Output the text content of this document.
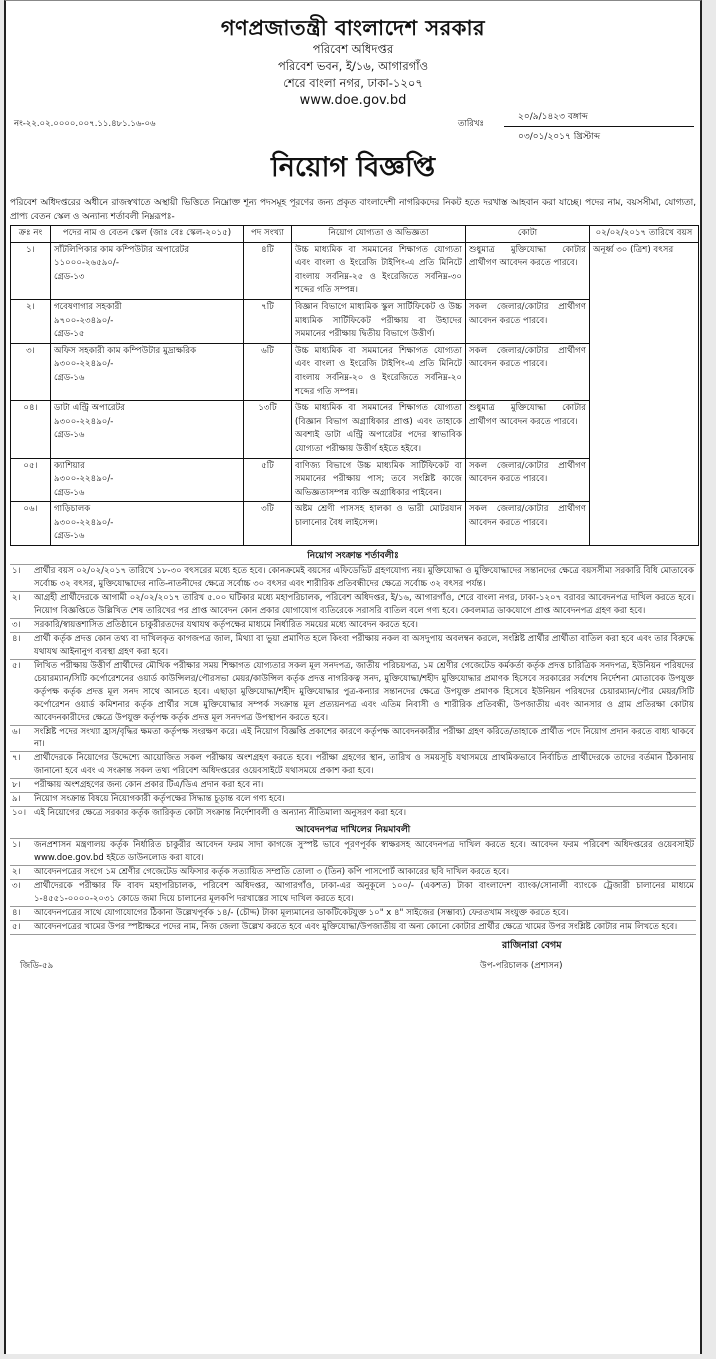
গণপ্রজাতন্ত্রী বাংলাদেশ সরকার
পরিবেশ অধিদপ্তর
পরিবেশ ভবন, ই/১৬, আগারগাঁও
শেরে বাংলা নগর, ঢাকা-১২০৭
www.doe.gov.bd
নং-২২.০২.০০০০.০০৭.১১.৪৮১.১৬-০৬	তারিখঃ
২০/৯/১৪২৩ বঙ্গাব্দ
০৩/০১/২০১৭ খ্রিস্টাব্দ
নিয়োগ বিজ্ঞপ্তি
পরিবেশ অধিদপ্তরের অধীনে রাজস্বখাতে অস্থায়ী ভিত্তিতে নিম্নোক্ত শূন্য পদসমূহ পূরণের জন্য প্রকৃত বাংলাদেশী নাগরিকদের নিকট হতে দরখাস্ত আহবান করা যাচ্ছে। পদের নাম, বয়সসীমা, যোগ্যতা, প্রাপ্য বেতন স্কেল ও অন্যান্য শর্তাবলী নিম্নরূপঃ-
ক্রঃ নং	পদের নাম ও বেতন স্কেল (জাঃ বেঃ স্কেল-২০১৫)	পদ সংখ্যা	নিয়োগ যোগ্যতা ও অভিজ্ঞতা	কোটা	০২/০২/২০১৭ তারিখে বয়স
১।	সাঁটলিপিকার কাম কম্পিউটার অপারেটর
১১০০০-২৬৫৯০/-
গ্রেড-১৩	৪টি	উচ্চ মাধ্যমিক বা সমমানের শিক্ষাগত যোগ্যতা এবং বাংলা ও ইংরেজি টাইপিং-এ প্রতি মিনিটে বাংলায় সর্বনিম্ন-২৫ ও ইংরেজিতে সর্বনিম্ন-৩০ শব্দের গতি সম্পন্ন।	শুধুমাত্র মুক্তিযোদ্ধা কোটার প্রার্থীগণ আবেদন করতে পারবে।	অনূর্ধ্ব ৩০ (ত্রিশ) বৎসর
২।	গবেষণাগার সহকারী
৯৭০০-২৩৪৯০/-
গ্রেড-১৫	৭টি	বিজ্ঞান বিভাগে মাধ্যমিক স্কুল সার্টিফিকেট ও উচ্চ মাধ্যমিক সার্টিফিকেট পরীক্ষায় বা উহাদের সমমানের পরীক্ষায় দ্বিতীয় বিভাগে উত্তীর্ণ।	সকল জেলার/কোটার প্রার্থীগণ আবেদন করতে পারবে।	
৩।	অফিস সহকারী কাম কম্পিউটার মুদ্রাক্ষরিক
৯৩০০-২২৪৯০/-
গ্রেড-১৬	৬টি	উচ্চ মাধ্যমিক বা সমমানের শিক্ষাগত যোগ্যতা এবং বাংলা ও ইংরেজি টাইপিং-এ প্রতি মিনিটে বাংলায় সর্বনিম্ন-২০ ও ইংরেজিতে সর্বনিম্ন-২০ শব্দের গতি সম্পন্ন।	সকল জেলার/কোটার প্রার্থীগণ আবেদন করতে পারবে।	
০৪।	ডাটা এন্ট্রি অপারেটর
৯৩০০-২২৪৯০/-
গ্রেড-১৬	১৩টি	উচ্চ মাধ্যমিক বা সমমানের শিক্ষাগত যোগ্যতা (বিজ্ঞান বিভাগ অগ্রাধিকার প্রাপ্ত) এবং তাহাকে অবশ্যই ডাটা এন্ট্রি অপারেটর পদের স্বাভাবিক যোগ্যতা পরীক্ষায় উত্তীর্ণ হইতে হইবে।	শুধুমাত্র মুক্তিযোদ্ধা কোটার প্রার্থীগণ আবেদন করতে পারবে।	
০৫।	ক্যাশিয়ার
৯৩০০-২২৪৯০/-
গ্রেড-১৬	৫টি	বাণিজ্য বিভাগে উচ্চ মাধ্যমিক সার্টিফিকেট বা সমমানের পরীক্ষায় পাস; তবে সংশ্লিষ্ট কাজে অভিজ্ঞতাসম্পন্ন ব্যক্তি অগ্রাধিকার পাইবেন।	সকল জেলার/কোটার প্রার্থীগণ আবেদন করতে পারবে।	
০৬।	গাড়িচালক
৯৩০০-২২৪৯০/-
গ্রেড-১৬	৩টি	অষ্টম শ্রেণী পাসসহ হালকা ও ভারী মোটরযান চালানোর বৈধ লাইসেন্স।	সকল জেলার/কোটার প্রার্থীগণ আবেদন করতে পারবে।	
নিয়োগ সংক্রান্ত শর্তাবলীঃ
১।	প্রার্থীর বয়স ০২/০২/২০১৭ তারিখে ১৮-৩০ বৎসরের মধ্যে হতে হবে। কোনক্রমেই বয়সের এফিডেভিট গ্রহণযোগ্য নয়। মুক্তিযোদ্ধা ও মুক্তিযোদ্ধাদের সন্তানদের ক্ষেত্রে বয়সসীমা সরকারি বিধি মোতাবেক সর্বোচ্চ ৩২ বৎসর, মুক্তিযোদ্ধাদের নাতি-নাতনীদের ক্ষেত্রে সর্বোচ্চ ৩০ বৎসর এবং শারীরিক প্রতিবন্ধীদের ক্ষেত্রে সর্বোচ্চ ৩২ বৎসর পর্যন্ত।
২।	আগ্রহী প্রার্থীদেরকে আগামী ০২/০২/২০১৭ তারিখ ৫.০০ ঘটিকার মধ্যে মহাপরিচালক, পরিবেশ অধিদপ্তর, ই/১৬, আগারগাঁও, শেরে বাংলা নগর, ঢাকা-১২০৭ বরাবর আবেদনপত্র দাখিল করতে হবে। নিয়োগ বিজ্ঞপ্তিতে উল্লিখিত শেষ তারিখের পর প্রাপ্ত আবেদন কোন প্রকার যোগাযোগ ব্যতিরেকে সরাসরি বাতিল বলে গণ্য হবে। কেবলমাত্র ডাকযোগে প্রাপ্ত আবেদনপত্র গ্রহণ করা হবে।
৩।	সরকারি/স্বায়ত্তশাসিত প্রতিষ্ঠানে চাকুরীরতদের যথাযথ কর্তৃপক্ষের মাধ্যমে নির্ধারিত সময়ের মধ্যে আবেদন করতে হবে।
৪।	প্রার্থী কর্তৃক প্রদত্ত কোন তথ্য বা দাখিলকৃত কাগজপত্র জাল, মিথ্যা বা ভুয়া প্রমাণিত হলে কিংবা পরীক্ষায় নকল বা অসদুপায় অবলম্বন করলে, সংশ্লিষ্ট প্রার্থীর প্রার্থীতা বাতিল করা হবে এবং তার বিরুদ্ধে যথাযথ আইনানুগ ব্যবস্থা গ্রহণ করা হবে।
৫।	লিখিত পরীক্ষায় উত্তীর্ণ প্রার্থীদের মৌখিক পরীক্ষার সময় শিক্ষাগত যোগ্যতার সকল মূল সনদপত্র, জাতীয় পরিচয়পত্র, ১ম শ্রেণীর গেজেটেড কর্মকর্তা কর্তৃক প্রদত্ত চারিত্রিক সনদপত্র, ইউনিয়ন পরিষদের চেয়ারম্যান/সিটি কর্পোরেশনের ওয়ার্ড কাউন্সিলর/পৌরসভা মেয়র/কাউন্সিল কর্তৃক প্রদত্ত নাগরিকত্ব সনদ, মুক্তিযোদ্ধা/শহীদ মুক্তিযোদ্ধার প্রমাণক হিসেবে সরকারের সর্বশেষ নির্দেশনা মোতাবেক উপযুক্ত কর্তৃপক্ষ কর্তৃক প্রদত্ত মূল সনদ সাথে আনতে হবে। এছাড়া মুক্তিযোদ্ধা/শহীদ মুক্তিযোদ্ধার পুত্র-কন্যার সন্তানদের ক্ষেত্রে উপযুক্ত প্রমাণক হিসেবে ইউনিয়ন পরিষদের চেয়ারম্যান/পৌর মেয়র/সিটি কর্পোরেশন ওয়ার্ড কমিশনার কর্তৃক প্রার্থীর সঙ্গে মুক্তিযোদ্ধার সম্পর্ক সংক্রান্ত মূল প্রত্যয়নপত্র এবং এতিম নিবাসী ও শারীরিক প্রতিবন্ধী, উপজাতীয় এবং আনসার ও গ্রাম প্রতিরক্ষা কোটায় আবেদনকারীদের ক্ষেত্রে উপযুক্ত কর্তৃপক্ষ কর্তৃক প্রদত্ত মূল সনদপত্র উপস্থাপন করতে হবে।
৬।	সংশ্লিষ্ট পদের সংখ্যা হ্রাস/বৃদ্ধির ক্ষমতা কর্তৃপক্ষ সংরক্ষণ করে। এই নিয়োগ বিজ্ঞপ্তি প্রকাশের কারণে কর্তৃপক্ষ আবেদনকারীর পরীক্ষা গ্রহণ করিতে/তাহাকে প্রার্থীত পদে নিয়োগ প্রদান করতে বাধ্য থাকবে না।
৭।	প্রার্থীদেরকে নিয়োগের উদ্দেশ্যে আয়োজিত সকল পরীক্ষায় অংশগ্রহণ করতে হবে। পরীক্ষা গ্রহণের স্থান, তারিখ ও সময়সূচি যথাসময়ে প্রাথমিকভাবে নির্বাচিত প্রার্থীদেরকে তাদের বর্তমান ঠিকানায় জানানো হবে এবং এ সংক্রান্ত সকল তথ্য পরিবেশ অধিদপ্তরের ওয়েবসাইটে যথাসময়ে প্রকাশ করা হবে।
৮।	পরীক্ষায় অংশগ্রহণের জন্য কোন প্রকার টিএ/ডিএ প্রদান করা হবে না।
৯।	নিয়োগ সংক্রান্ত বিষয়ে নিয়োগকারী কর্তৃপক্ষের সিদ্ধান্ত চূড়ান্ত বলে গণ্য হবে।
১০। এই নিয়োগের ক্ষেত্রে সরকার কর্তৃক জারিকৃত কোটা সংক্রান্ত নির্দেশাবলী ও অন্যান্য নীতিমালা অনুসরণ করা হবে।
আবেদনপত্র দাখিলের নিয়মাবলী
১।	জনপ্রশাসন মন্ত্রণালয় কর্তৃক নির্ধারিত চাকুরীর আবেদন ফরম সাদা কাগজে সুস্পষ্ট ভাবে পূরণপূর্বক স্বাক্ষরসহ আবেদনপত্র দাখিল করতে হবে। আবেদন ফরম পরিবেশ অধিদপ্তরের ওয়েবসাইট www.doe.gov.bd হইতে ডাউনলোড করা যাবে।
২।	আবেদনপত্রের সংগে ১ম শ্রেণীর গেজেটেড অফিসার কর্তৃক সত্যায়িত সম্প্রতি তোলা ৩ (তিন) কপি পাসপোর্ট আকারের ছবি দাখিল করতে হবে।
৩।	প্রার্থীদেরকে পরীক্ষার ফি বাবদ মহাপরিচালক, পরিবেশ অধিদপ্তর, আগারগাঁও, ঢাকা-এর অনুকূলে ১০০/- (একশত) টাকা বাংলাদেশ ব্যাংক/সোনালী ব্যাংকে ট্রেজারী চালানের মাধ্যমে ১-৪৫৫১-০০০০-২০৩১ কোডে জমা দিয়ে চালানের মূলকপি দরখাস্তের সাথে দাখিল করতে হবে।
৪।	আবেদনপত্রের সাথে যোগাযোগের ঠিকানা উল্লেখপূর্বক ১৪/- (চৌদ্দ) টাকা মূল্যমানের ডাকটিকেটযুক্ত ১০" x ৪" সাইজের (সম্ভাব্য) ফেরতখাম সংযুক্ত করতে হবে।
৫।	আবেদনপত্রের খামের উপর স্পষ্টাক্ষরে পদের নাম, নিজ জেলা উল্লেখ করতে হবে এবং মুক্তিযোদ্ধা/উপজাতীয় বা অন্য কোনো কোটার প্রার্থীর ক্ষেত্রে খামের উপর সংশ্লিষ্ট কোটার নাম লিখতে হবে।
জিডি-৫৯
রাজিনারা বেগম
উপ-পরিচালক (প্রশাসন)
